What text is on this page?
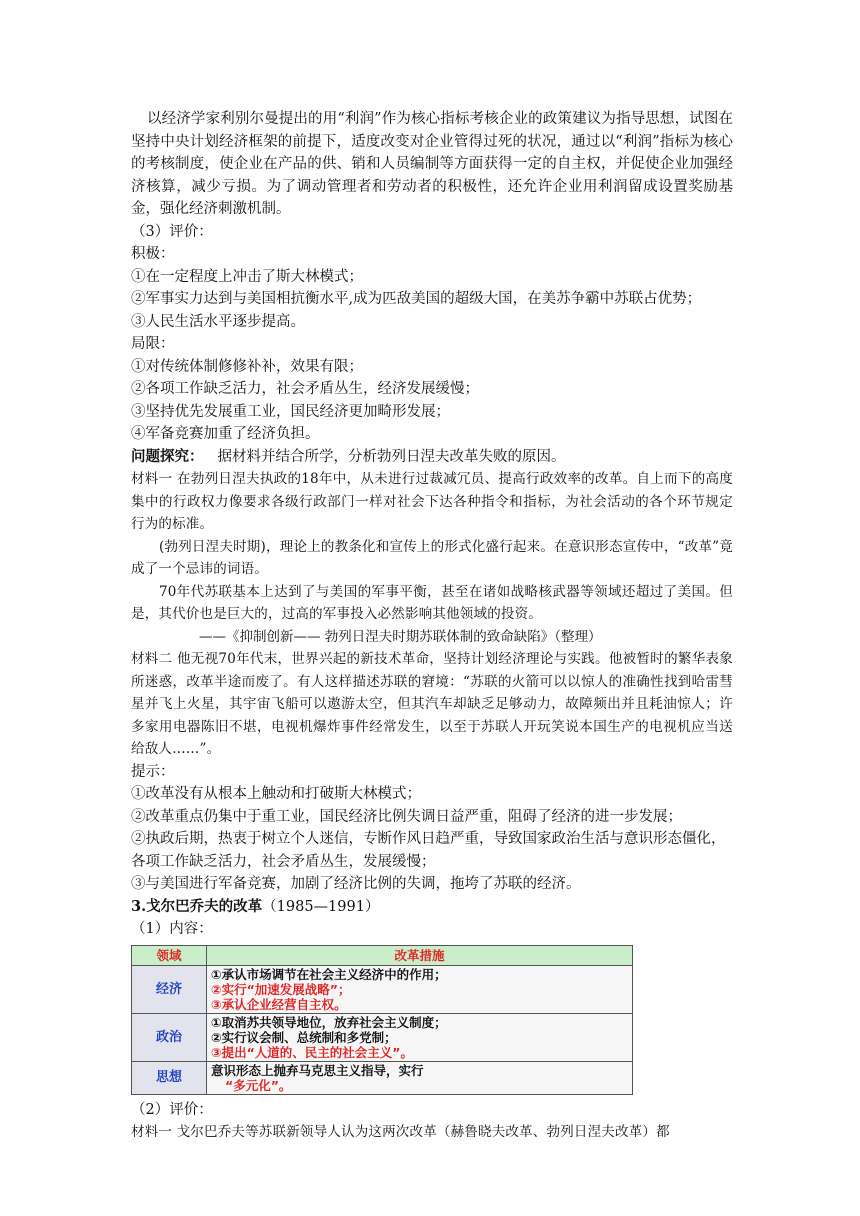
以经济学家利别尔曼提出的用“利润”作为核心指标考核企业的政策建议为指导思想，试图在坚持中央计划经济框架的前提下，适度改变对企业管得过死的状况，通过以“利润”指标为核心的考核制度，使企业在产品的供、销和人员编制等方面获得一定的自主权，并促使企业加强经济核算，减少亏损。为了调动管理者和劳动者的积极性，还允许企业用利润留成设置奖励基金，强化经济刺激机制。

（3）评价：
积极：
①在一定程度上冲击了斯大林模式；
②军事实力达到与美国相抗衡水平,成为匹敌美国的超级大国，在美苏争霸中苏联占优势；
③人民生活水平逐步提高。
局限：
①对传统体制修修补补，效果有限；
②各项工作缺乏活力，社会矛盾丛生，经济发展缓慢；
③坚持优先发展重工业，国民经济更加畸形发展；
④军备竞赛加重了经济负担。
问题探究： 据材料并结合所学，分析勃列日涅夫改革失败的原因。

材料一 在勃列日涅夫执政的18年中，从未进行过裁减冗员、提高行政效率的改革。自上而下的高度集中的行政权力像要求各级行政部门一样对社会下达各种指令和指标，为社会活动的各个环节规定行为的标准。

(勃列日涅夫时期)，理论上的教条化和宣传上的形式化盛行起来。在意识形态宣传中，“改革”竟成了一个忌讳的词语。

70年代苏联基本上达到了与美国的军事平衡，甚至在诸如战略核武器等领域还超过了美国。但是，其代价也是巨大的，过高的军事投入必然影响其他领域的投资。

——《抑制创新—— 勃列日涅夫时期苏联体制的致命缺陷》（整理）

材料二 他无视70年代末，世界兴起的新技术革命，坚持计划经济理论与实践。他被暂时的繁华表象所迷惑，改革半途而废了。有人这样描述苏联的窘境：“苏联的火箭可以以惊人的准确性找到哈雷彗星并飞上火星，其宇宙飞船可以遨游太空，但其汽车却缺乏足够动力，故障频出并且耗油惊人；许多家用电器陈旧不堪，电视机爆炸事件经常发生，以至于苏联人开玩笑说本国生产的电视机应当送给敌人……”。

提示：
①改革没有从根本上触动和打破斯大林模式；
②改革重点仍集中于重工业，国民经济比例失调日益严重，阻碍了经济的进一步发展；
②执政后期，热衷于树立个人迷信，专断作风日趋严重，导致国家政治生活与意识形态僵化，各项工作缺乏活力，社会矛盾丛生，发展缓慢；
③与美国进行军备竞赛，加剧了经济比例的失调，拖垮了苏联的经济。
3.戈尔巴乔夫的改革（1985—1991）
（1）内容：
领域	改革措施
经济	①承认市场调节在社会主义经济中的作用；
②实行“加速发展战略”；
③承认企业经营自主权。

政治	①取消苏共领导地位，放弃社会主义制度；
②实行议会制、总统制和多党制；
③提出“人道的、民主的社会主义”。

思想	意识形态上抛弃马克思主义指导，实行
“多元化”。
（2）评价：
材料一 戈尔巴乔夫等苏联新领导人认为这两次改革（赫鲁晓夫改革、勃列日涅夫改革）都
